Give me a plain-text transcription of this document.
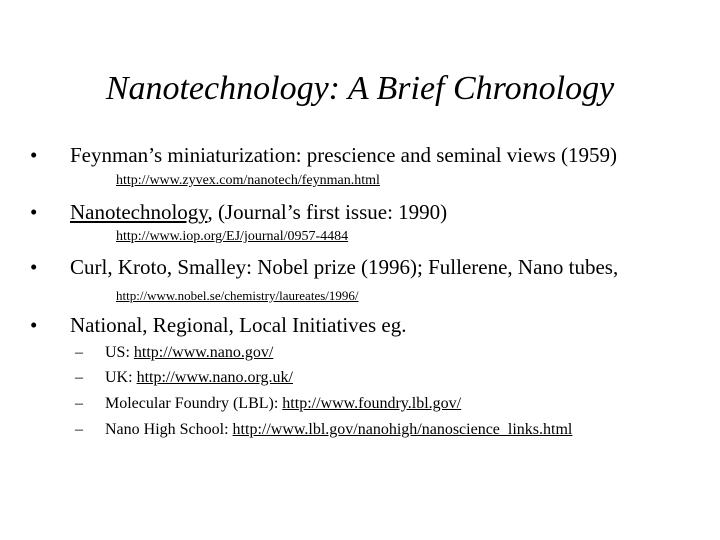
Nanotechnology: A Brief Chronology
• Feynman’s miniaturization: prescience and seminal views (1959)
http://www.zyvex.com/nanotech/feynman.html
• Nanotechnology, (Journal’s first issue: 1990)
http://www.iop.org/EJ/journal/0957-4484
• Curl, Kroto, Smalley: Nobel prize (1996); Fullerene, Nano tubes,
http://www.nobel.se/chemistry/laureates/1996/
• National, Regional, Local Initiatives eg.
– US: http://www.nano.gov/
– UK: http://www.nano.org.uk/
– Molecular Foundry (LBL): http://www.foundry.lbl.gov/
– Nano High School: http://www.lbl.gov/nanohigh/nanoscience_links.html
